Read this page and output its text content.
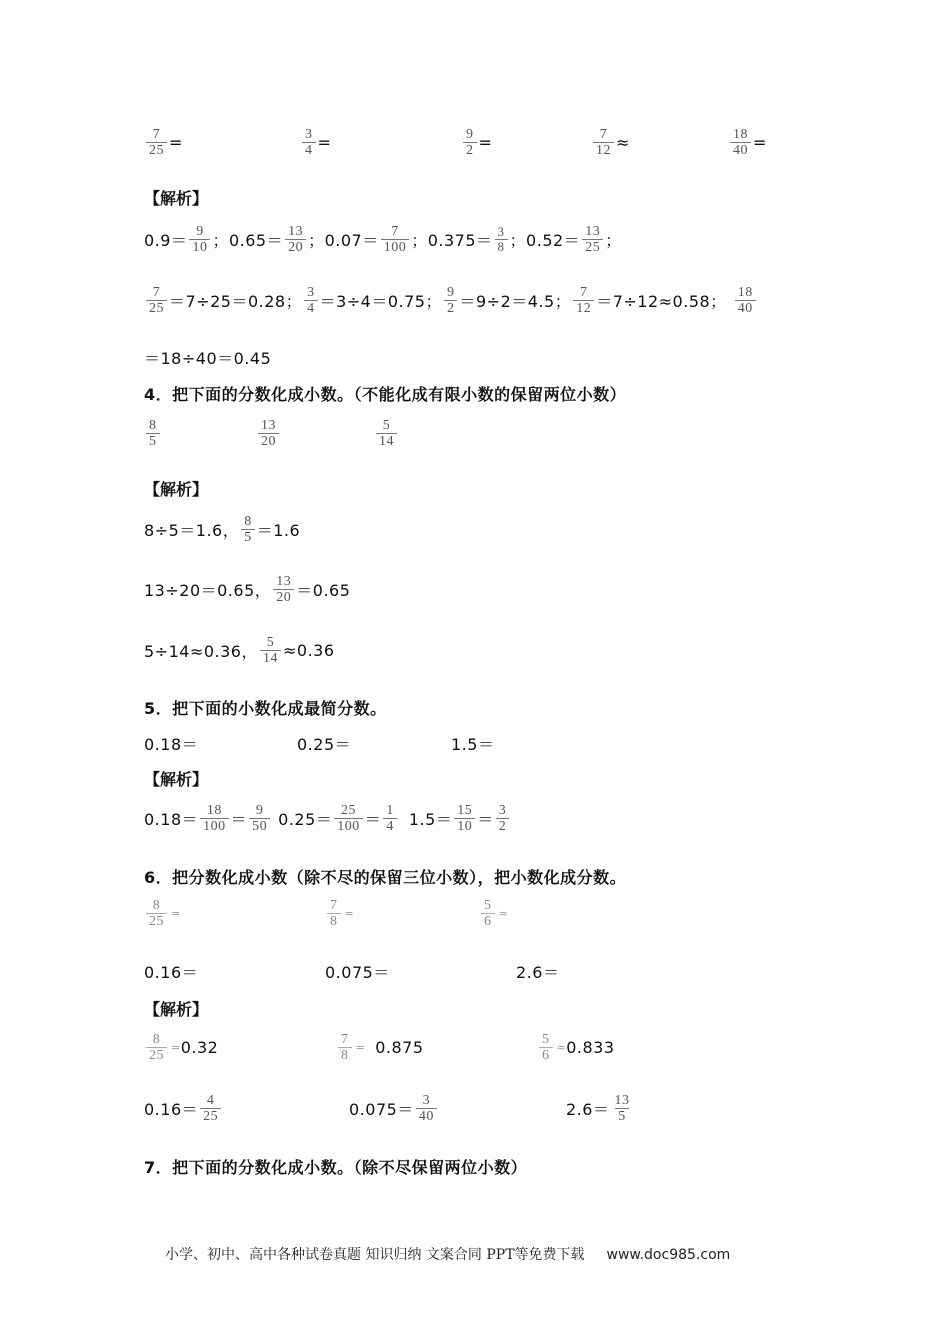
$\frac{7}{25}$ =	$\frac{3}{4}$ =	$\frac{9}{2}$ =	$\frac{7}{12}$ ≈	$\frac{18}{40}$ =
【解析】
$0.9= \frac{9}{10}$ ；$0.65= \frac{13}{20}$ ；$0.07= \frac{7}{100}$ ；$0.375= \frac{3}{8}$ ；$0.52= \frac{13}{25}$ ；
$\frac{7}{25} =7\div 25=0.28$； $\frac{3}{4} =3\div 4=0.75$； $\frac{9}{2} =9\div 2=4.5$； $\frac{7}{12} =7\div 12\approx 0.58$； $\frac{18}{40}$
＝18÷40＝0.45
4．把下面的分数化成小数。（不能化成有限小数的保留两位小数）
$\frac{8}{5}$	$\frac{13}{20}$	$\frac{5}{14}$
【解析】
8÷5＝1.6， $\frac{8}{5} =1.6$
13÷20＝0.65， $\frac{13}{20} =0.65$
5÷14≈0.36， $\frac{5}{14} \approx 0.36$
5．把下面的小数化成最简分数。
0.18＝	0.25＝	1.5＝
【解析】
$0.18= \frac{18}{100} = \frac{9}{50} 0.25= \frac{25}{100} = \frac{1}{4} 1.5= \frac{15}{10} = \frac{3}{2}$
6．把分数化成小数（除不尽的保留三位小数），把小数化成分数。
$\frac{8}{25}$ =	$\frac{7}{8}$ =	$\frac{5}{6}$ ≈
0.16＝	0.075＝	2.6＝
【解析】
$\frac{8}{25} = 0.32$	$\frac{7}{8} = 0.875$	$\frac{5}{6} \approx 0.833$
$0.16= \frac{4}{25}$	$0.075= \frac{3}{40}$	$2.6= \frac{13}{5}$
7．把下面的分数化成小数。（除不尽保留两位小数）
小学、初中、高中各种试卷真题 知识归纳 文案合同 PPT等免费下载 www.doc985.com
